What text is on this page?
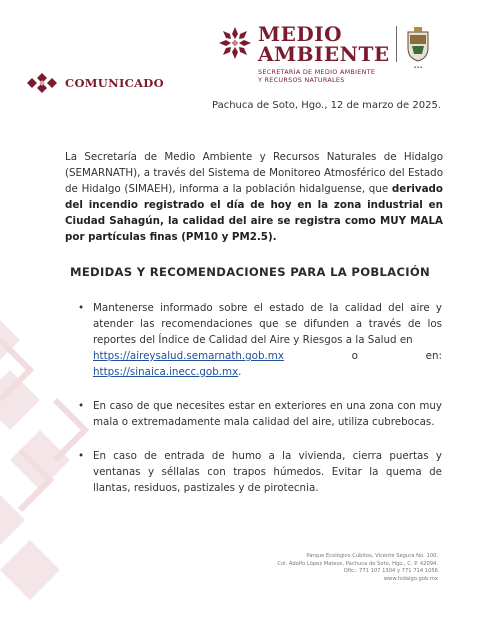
MEDIO
AMBIENTE
SECRETARÍA DE MEDIO AMBIENTE
Y RECURSOS NATURALES
▪ ▪ ▪
COMUNICADO
Pachuca de Soto, Hgo., 12 de marzo de 2025.
La Secretaría de Medio Ambiente y Recursos Naturales de Hidalgo (SEMARNATH), a través del Sistema de Monitoreo Atmosférico del Estado de Hidalgo (SIMAEH), informa a la población hidalguense, que derivado del incendio registrado el día de hoy en la zona industrial en Ciudad Sahagún, la calidad del aire se registra como MUY MALA por partículas finas (PM10 y PM2.5).
MEDIDAS Y RECOMENDACIONES PARA LA POBLACIÓN
• Mantenerse informado sobre el estado de la calidad del aire y atender las recomendaciones que se difunden a través de los reportes del Índice de Calidad del Aire y Riesgos a la Salud en
https://aireysalud.semarnath.gob.mx	o	en:
https://sinaica.inecc.gob.mx.
• En caso de que necesites estar en exteriores en una zona con muy mala o extremadamente mala calidad del aire, utiliza cubrebocas.
• En caso de entrada de humo a la vivienda, cierra puertas y ventanas y séllalas con trapos húmedos. Evitar la quema de llantas, residuos, pastizales y de pirotecnia.
Parque Ecológico Cubitos, Vicente Segura No. 100,
Col. Adolfo López Mateos, Pachuca de Soto, Hgo., C. P. 42094.
Ofic.: 771 107 1304 y 771 714 1056
www.hidalgo.gob.mx
